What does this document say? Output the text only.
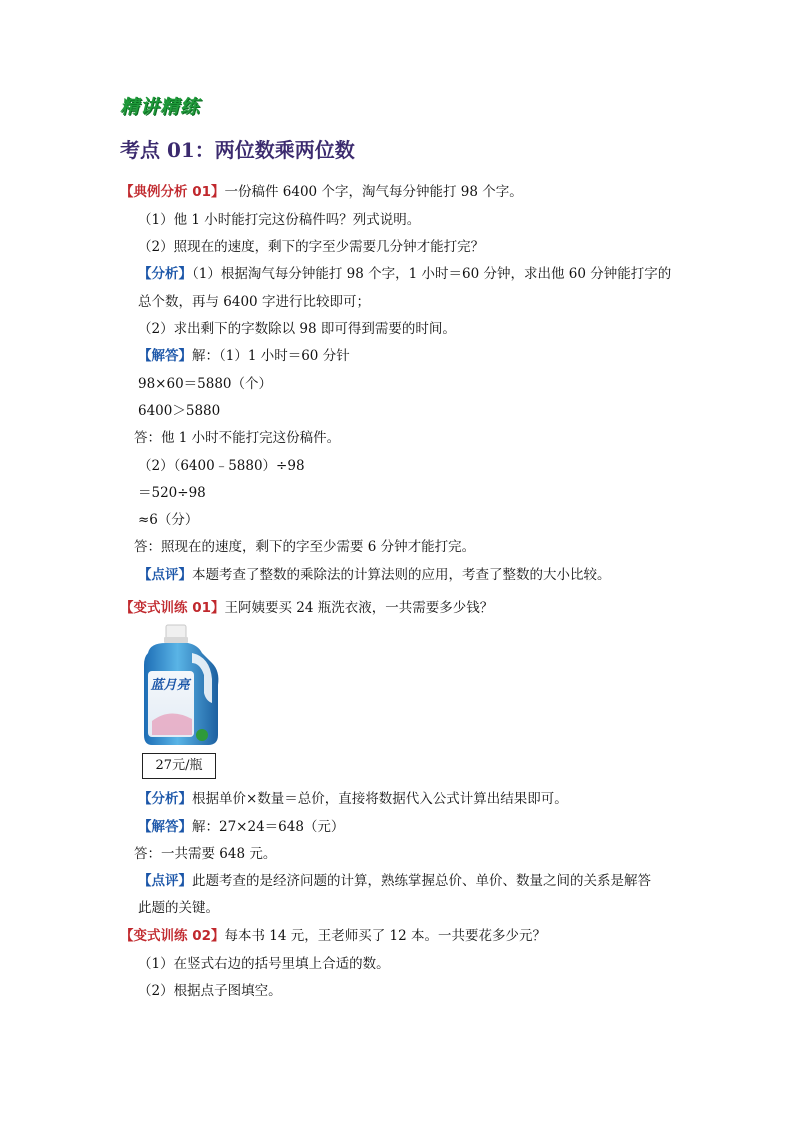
精讲精练
考点 01：两位数乘两位数
【典例分析 01】一份稿件 6400 个字，淘气每分钟能打 98 个字。
（1）他 1 小时能打完这份稿件吗？列式说明。
（2）照现在的速度，剩下的字至少需要几分钟才能打完？
【分析】（1）根据淘气每分钟能打 98 个字，1 小时＝60 分钟，求出他 60 分钟能打字的
总个数，再与 6400 字进行比较即可；
（2）求出剩下的字数除以 98 即可得到需要的时间。
【解答】解：（1）1 小时＝60 分针
98×60＝5880（个）
6400＞5880
答：他 1 小时不能打完这份稿件。
（2）（6400﹣5880）÷98
＝520÷98
≈6（分）
答：照现在的速度，剩下的字至少需要 6 分钟才能打完。
【点评】本题考查了整数的乘除法的计算法则的应用，考查了整数的大小比较。
【变式训练 01】王阿姨要买 24 瓶洗衣液，一共需要多少钱？
蓝月亮
27元/瓶
【分析】根据单价×数量＝总价，直接将数据代入公式计算出结果即可。
【解答】解：27×24＝648（元）
答：一共需要 648 元。
【点评】此题考查的是经济问题的计算，熟练掌握总价、单价、数量之间的关系是解答
此题的关键。
【变式训练 02】每本书 14 元，王老师买了 12 本。一共要花多少元？
（1）在竖式右边的括号里填上合适的数。
（2）根据点子图填空。
